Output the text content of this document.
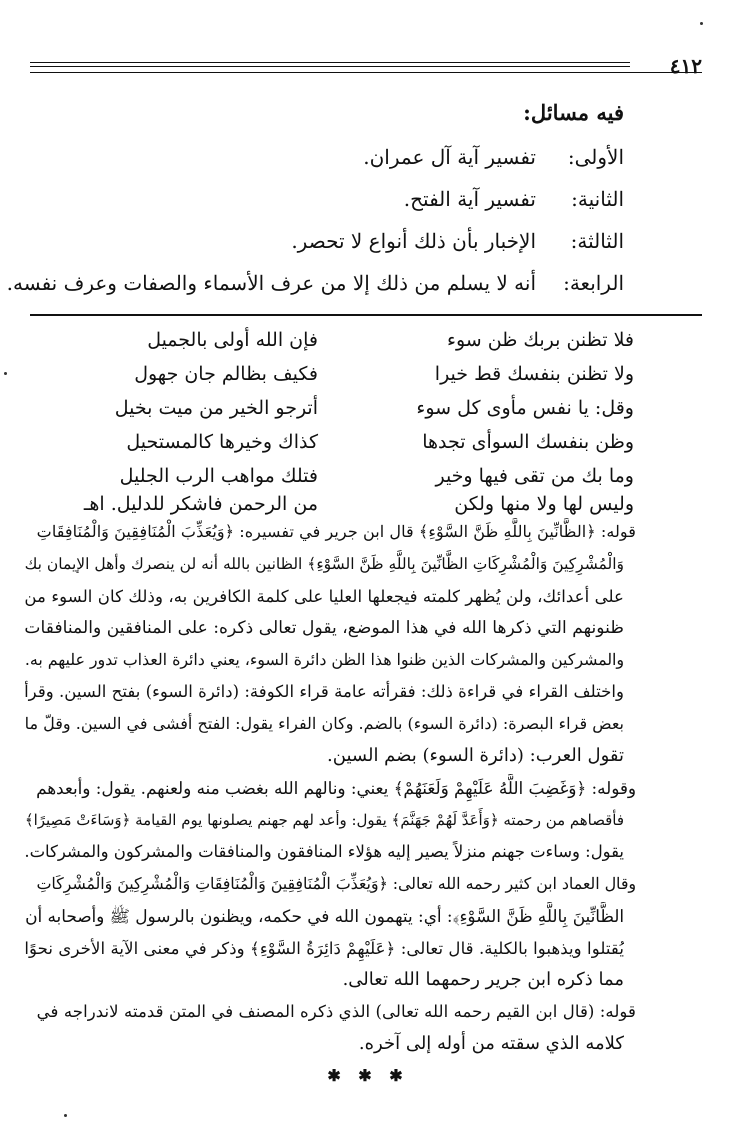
٤١٢
فيه مسائل:
الأولى:
تفسير آية آل عمران.
الثانية:
تفسير آية الفتح.
الثالثة:
الإخبار بأن ذلك أنواع لا تحصر.
الرابعة:
أنه لا يسلم من ذلك إلا من عرف الأسماء والصفات وعرف نفسه.
فلا تظنن بربك ظن سوء
فإن الله أولى بالجميل
ولا تظنن بنفسك قط خيرا
فكيف بظالم جان جهول
وقل: يا نفس مأوى كل سوء
أترجو الخير من ميت بخيل
وظن بنفسك السوأى تجدها
كذاك وخيرها كالمستحيل
وما بك من تقى فيها وخير
فتلك مواهب الرب الجليل
وليس لها ولا منها ولكن
من الرحمن فاشكر للدليل. اهـ
قوله: ﴿الظَّانِّينَ بِاللَّهِ ظَنَّ السَّوْءِ﴾ قال ابن جرير في تفسيره: ﴿وَيُعَذِّبَ الْمُنَافِقِينَ وَالْمُنَافِقَاتِ
وَالْمُشْرِكِينَ وَالْمُشْرِكَاتِ الظَّانِّينَ بِاللَّهِ ظَنَّ السَّوْءِ﴾ الظانين بالله أنه لن ينصرك وأهل الإيمان بك
على أعدائك، ولن يُظهر كلمته فيجعلها العليا على كلمة الكافرين به، وذلك كان السوء من
ظنونهم التي ذكرها الله في هذا الموضع، يقول تعالى ذكره: على المنافقين والمنافقات
والمشركين والمشركات الذين ظنوا هذا الظن دائرة السوء، يعني دائرة العذاب تدور عليهم به.
واختلف القراء في قراءة ذلك: فقرأته عامة قراء الكوفة: (دائرة السوء) بفتح السين. وقرأ
بعض قراء البصرة: (دائرة السوء) بالضم. وكان الفراء يقول: الفتح أفشى في السين. وقلّ ما
تقول العرب: (دائرة السوء) بضم السين.
وقوله: ﴿وَغَضِبَ اللَّهُ عَلَيْهِمْ وَلَعَنَهُمْ﴾ يعني: ونالهم الله بغضب منه ولعنهم. يقول: وأبعدهم
فأقصاهم من رحمته ﴿وَأَعَدَّ لَهُمْ جَهَنَّمَ﴾ يقول: وأعد لهم جهنم يصلونها يوم القيامة ﴿وَسَاءَتْ مَصِيرًا﴾
يقول: وساءت جهنم منزلاً يصير إليه هؤلاء المنافقون والمنافقات والمشركون والمشركات.
وقال العماد ابن كثير رحمه الله تعالى: ﴿وَيُعَذِّبَ الْمُنَافِقِينَ وَالْمُنَافِقَاتِ وَالْمُشْرِكِينَ وَالْمُشْرِكَاتِ
الظَّانِّينَ بِاللَّهِ ظَنَّ السَّوْءِ﴾: أي: يتهمون الله في حكمه، ويظنون بالرسول ﷺ وأصحابه أن
يُقتلوا ويذهبوا بالكلية. قال تعالى: ﴿عَلَيْهِمْ دَائِرَةُ السَّوْءِ﴾ وذكر في معنى الآية الأخرى نحوًا
مما ذكره ابن جرير رحمهما الله تعالى.
قوله: (قال ابن القيم رحمه الله تعالى) الذي ذكره المصنف في المتن قدمته لاندراجه في
كلامه الذي سقته من أوله إلى آخره.
✱ ✱ ✱
